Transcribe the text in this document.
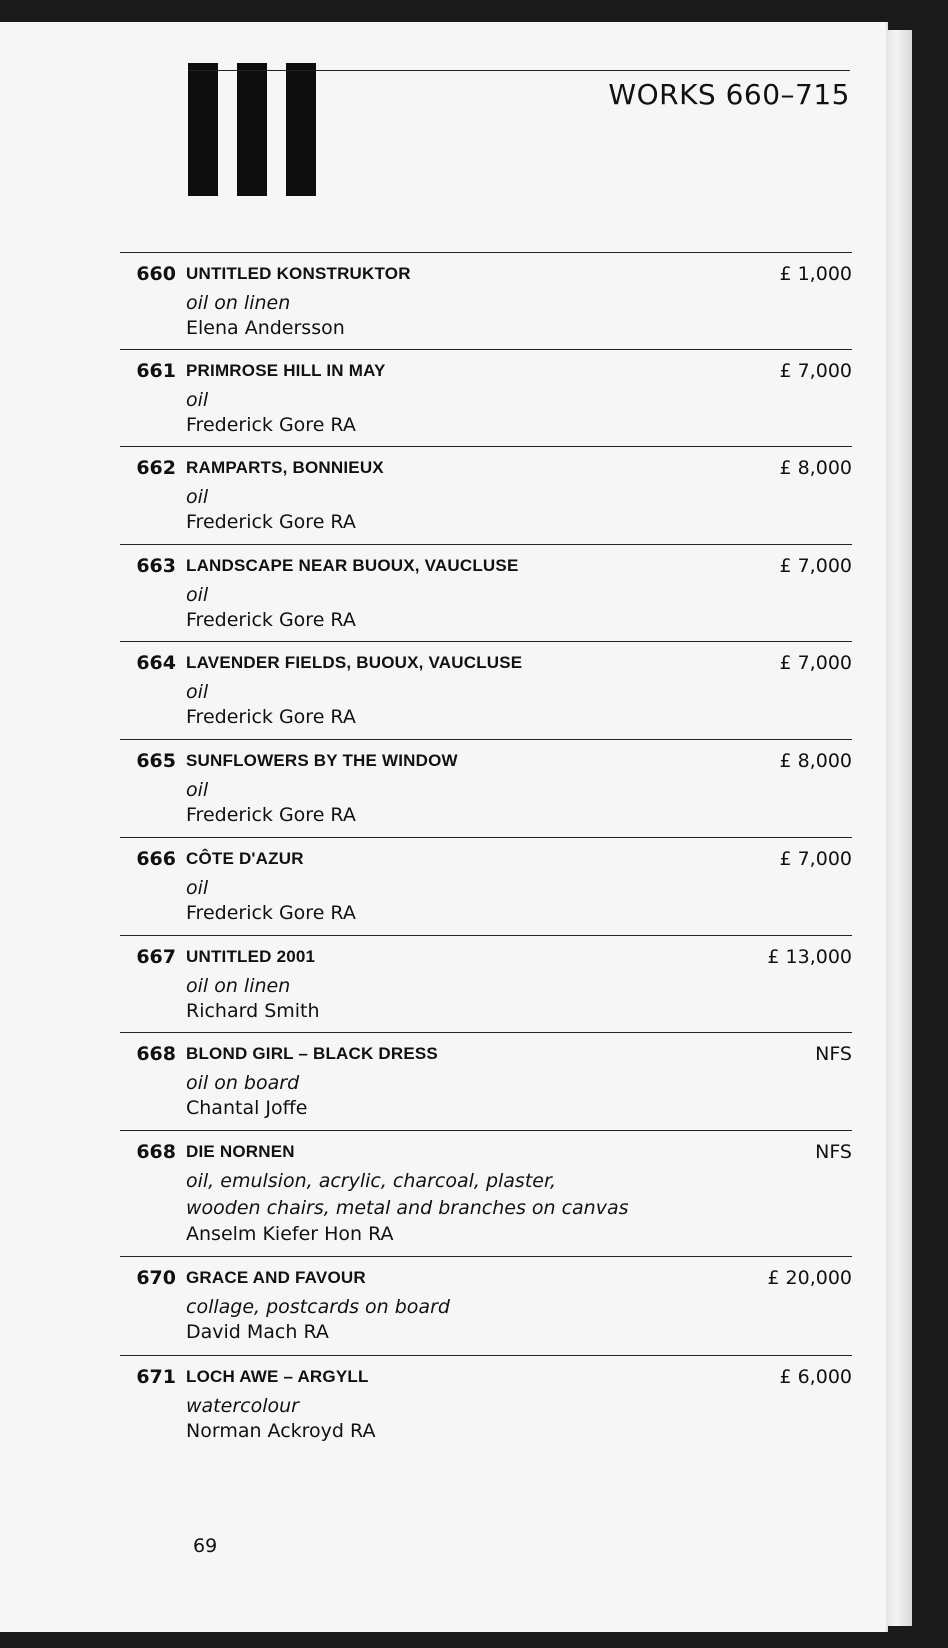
WORKS 660–715
660 UNTITLED KONSTRUKTOR
oil on linen
Elena Andersson
£ 1,000
661 PRIMROSE HILL IN MAY
oil
Frederick Gore RA
£ 7,000
662 RAMPARTS, BONNIEUX
oil
Frederick Gore RA
£ 8,000
663 LANDSCAPE NEAR BUOUX, VAUCLUSE
oil
Frederick Gore RA
£ 7,000
664 LAVENDER FIELDS, BUOUX, VAUCLUSE
oil
Frederick Gore RA
£ 7,000
665 SUNFLOWERS BY THE WINDOW
oil
Frederick Gore RA
£ 8,000
666 CÔTE D'AZUR
oil
Frederick Gore RA
£ 7,000
667 UNTITLED 2001
oil on linen
Richard Smith
£ 13,000
668 BLOND GIRL – BLACK DRESS
oil on board
Chantal Joffe
NFS
668 DIE NORNEN
oil, emulsion, acrylic, charcoal, plaster,
wooden chairs, metal and branches on canvas
Anselm Kiefer Hon RA
NFS
670 GRACE AND FAVOUR
collage, postcards on board
David Mach RA
£ 20,000
671 LOCH AWE – ARGYLL
watercolour
Norman Ackroyd RA
£ 6,000
69
